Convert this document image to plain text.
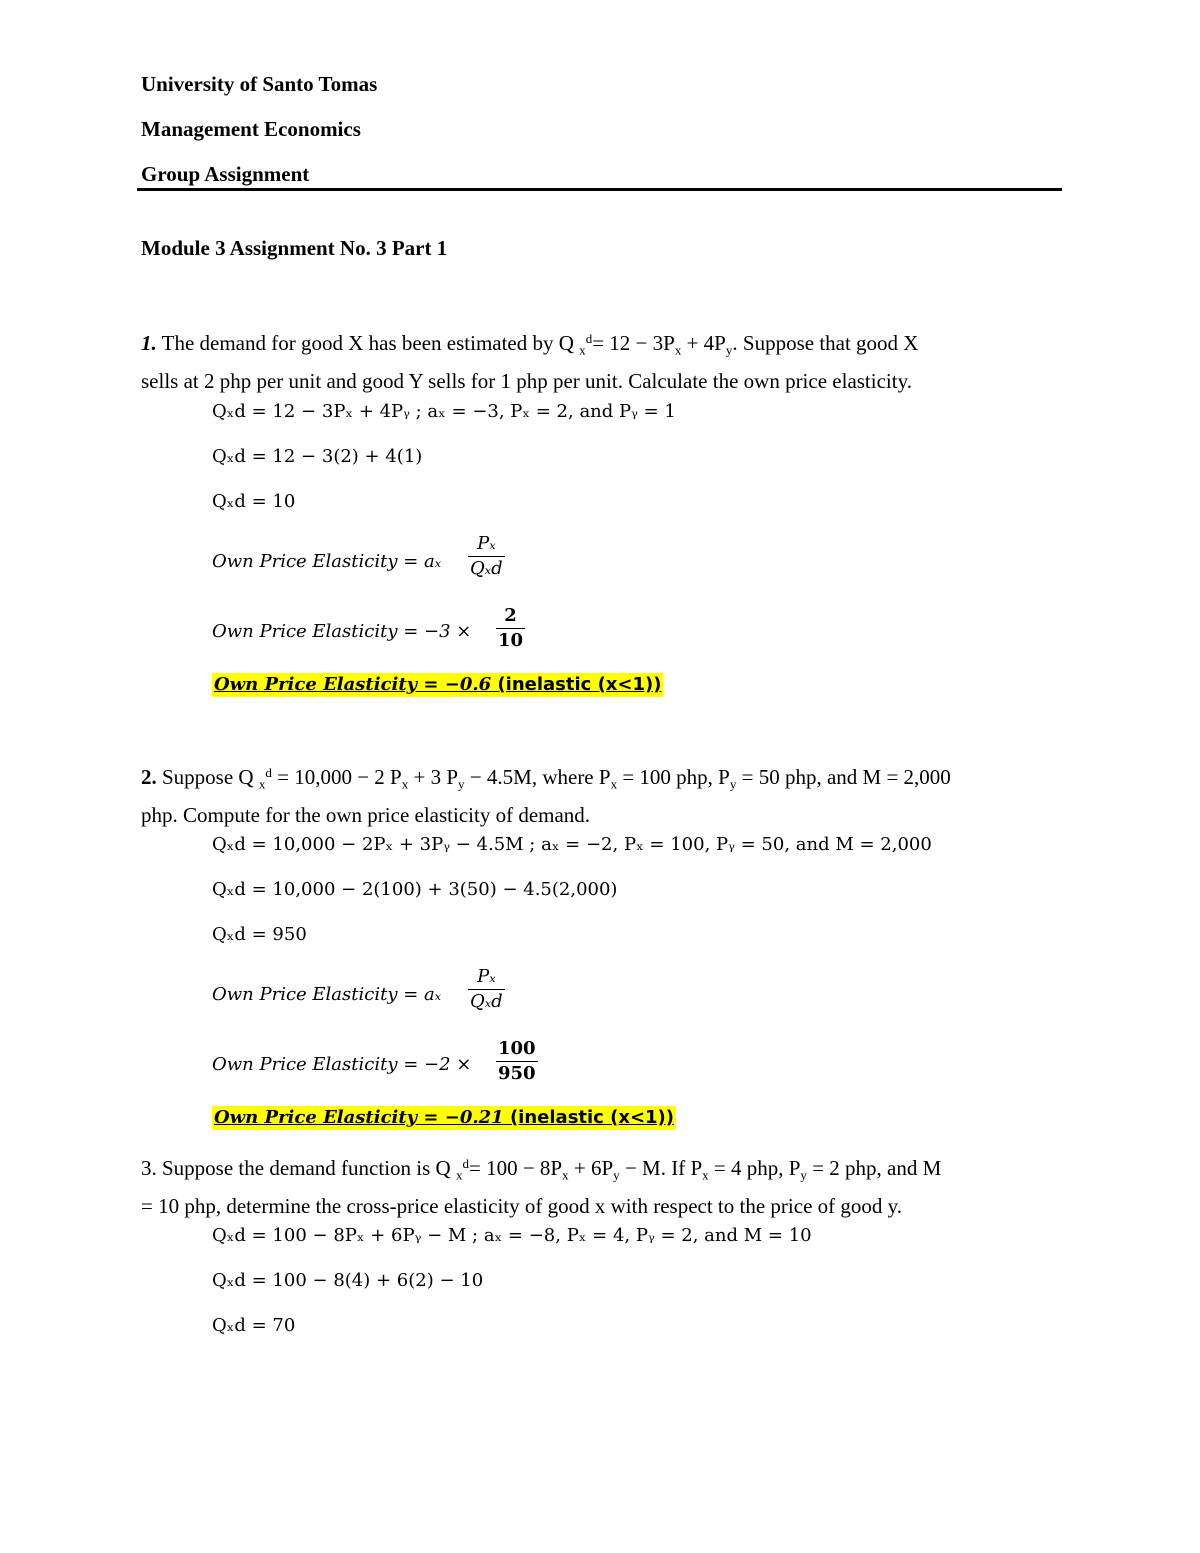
University of Santo Tomas
Management Economics
Group Assignment
Module 3 Assignment No. 3 Part 1
1. The demand for good X has been estimated by Q $_x^d= 12 - 3P_x + 4P_y$. Suppose that good X
sells at 2 php per unit and good Y sells for 1 php per unit. Calculate the own price elasticity.
Qₓd = 12 − 3Pₓ + 4Pᵧ ; aₓ = −3, Pₓ = 2, and Pᵧ = 1
Qₓd = 12 − 3(2) + 4(1)
Qₓd = 10
Own Price Elasticity = aₓ
Pₓ
Qₓd
Own Price Elasticity = $-3 \times \frac{2}{10}$
Own Price Elasticity = −0.6 (inelastic (x<1))
2. Suppose Q $_x^d$ = 10,000 − 2 $P_x + 3$ $P_y - 4.5M$, where $P_x = 100$ php, $P_y = 50$ php, and M = 2,000
php. Compute for the own price elasticity of demand.
Qₓd = 10,000 − 2Pₓ + 3Pᵧ − 4.5M ; aₓ = −2, Pₓ = 100, Pᵧ = 50, and M = 2,000
Qₓd = 10,000 − 2(100) + 3(50) − 4.5(2,000)
Qₓd = 950
Own Price Elasticity = aₓ
Pₓ
Qₓd
Own Price Elasticity = $-2 \times \frac{100}{950}$
Own Price Elasticity = −0.21 (inelastic (x<1))
3. Suppose the demand function is Q $_x^d= 100 - 8P_x + 6P_y - M$. If $P_x = 4$ php, $P_y = 2$ php, and M
= 10 php, determine the cross-price elasticity of good x with respect to the price of good y.
Qₓd = 100 − 8Pₓ + 6Pᵧ − M ; aₓ = −8, Pₓ = 4, Pᵧ = 2, and M = 10
Qₓd = 100 − 8(4) + 6(2) − 10
Qₓd = 70
